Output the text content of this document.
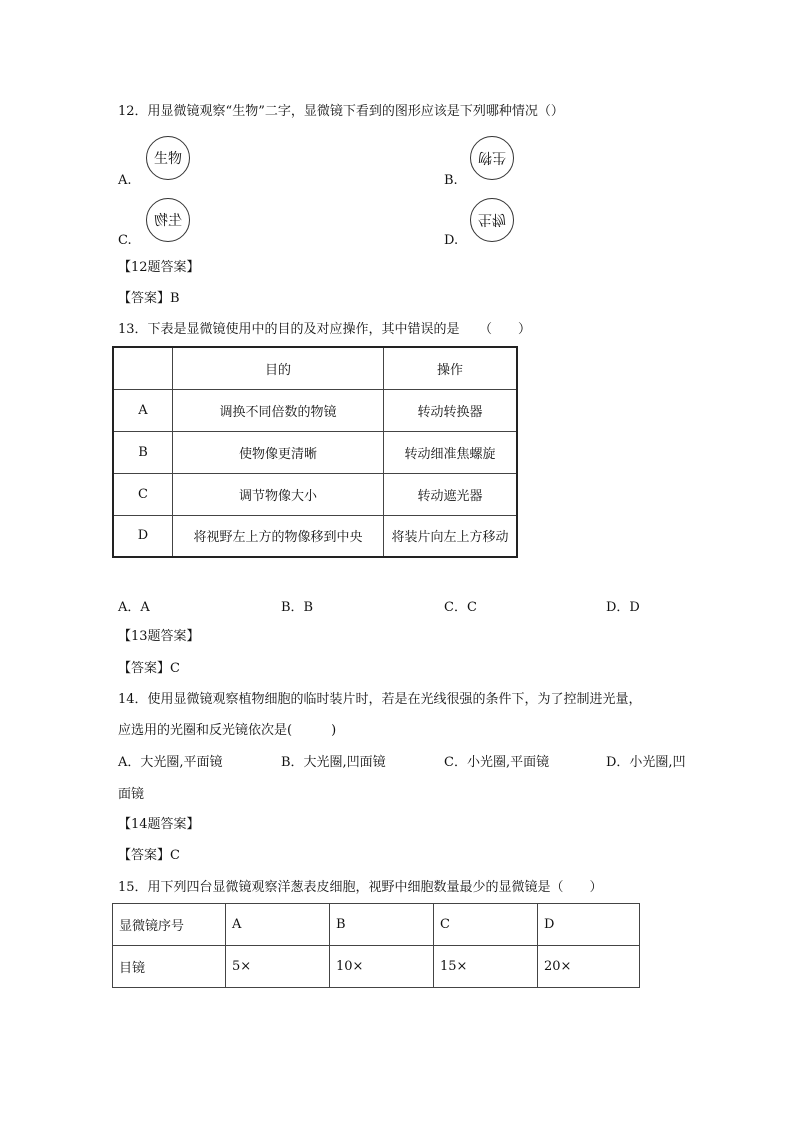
12．用显微镜观察“生物”二字，显微镜下看到的图形应该是下列哪种情况（）
生物
A.
生物
B.
生物
C.
生物
D.
【12题答案】
【答案】B
13．下表是显微镜使用中的目的及对应操作，其中错误的是　　（　　）
	目的	操作
A	调换不同倍数的物镜	转动转换器
B	使物像更清晰	转动细准焦螺旋
C	调节物像大小	转动遮光器
D	将视野左上方的物像移到中央	将装片向左上方移动
A．A	B．B	C．C	D．D
【13题答案】
【答案】C
14．使用显微镜观察植物细胞的临时装片时，若是在光线很强的条件下，为了控制进光量，
应选用的光圈和反光镜依次是(　　　)
A．大光圈,平面镜	B．大光圈,凹面镜	C．小光圈,平面镜	D．小光圈,凹
面镜
【14题答案】
【答案】C
15．用下列四台显微镜观察洋葱表皮细胞，视野中细胞数量最少的显微镜是（　　）
显微镜序号	A	B	C	D
目镜	5×	10×	15×	20×
